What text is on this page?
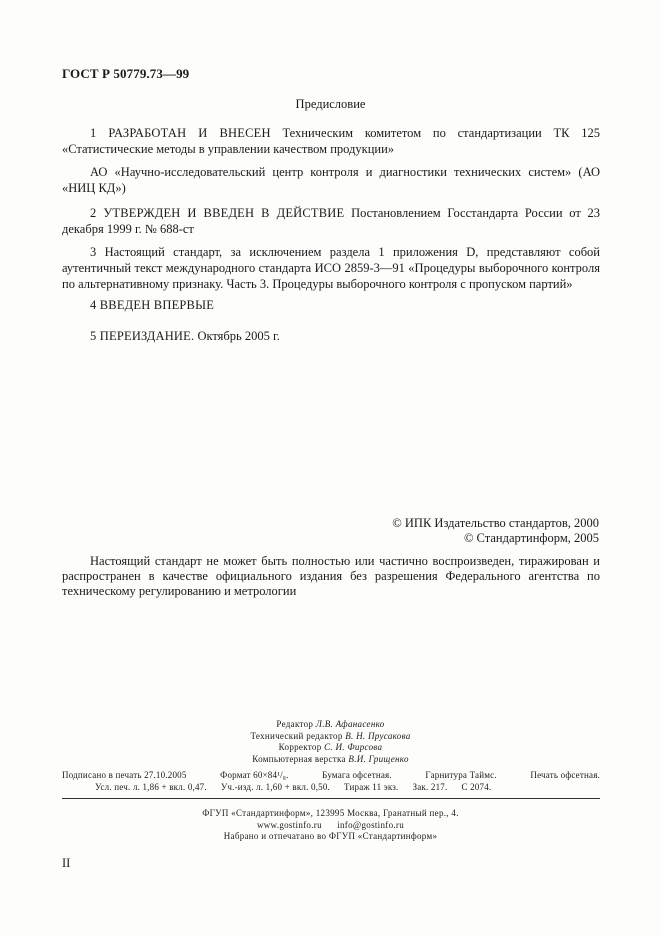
ГОСТ Р 50779.73—99
Предисловие
1 РАЗРАБОТАН И ВНЕСЕН Техническим комитетом по стандартизации ТК 125 «Статистические методы в управлении качеством продукции»
АО «Научно-исследовательский центр контроля и диагностики технических систем» (АО «НИЦ КД»)
2 УТВЕРЖДЕН И ВВЕДЕН В ДЕЙСТВИЕ Постановлением Госстандарта России от 23 декабря 1999 г. № 688-ст
3 Настоящий стандарт, за исключением раздела 1 приложения D, представляют собой аутентичный текст международного стандарта ИСО 2859-3—91 «Процедуры выборочного контроля по альтернативному признаку. Часть 3. Процедуры выборочного контроля с пропуском партий»
4 ВВЕДЕН ВПЕРВЫЕ
5 ПЕРЕИЗДАНИЕ. Октябрь 2005 г.
© ИПК Издательство стандартов, 2000
© Стандартинформ, 2005
Настоящий стандарт не может быть полностью или частично воспроизведен, тиражирован и распространен в качестве официального издания без разрешения Федерального агентства по техническому регулированию и метрологии
Редактор Л.В. Афанасенко
Технический редактор В. Н. Прусакова
Корректор С. И. Фирсова
Компьютерная верстка В.И. Грищенко
Подписано в печать 27.10.2005	Формат 60×84¹/₈.	Бумага офсетная.	Гарнитура Таймс.	Печать офсетная.
Усл. печ. л. 1,86 + вкл. 0,47. Уч.-изд. л. 1,60 + вкл. 0,50. Тираж 11 экз. Зак. 217. С 2074.
ФГУП «Стандартинформ», 123995 Москва, Гранатный пер., 4.
www.gostinfo.ru info@gostinfo.ru
Набрано и отпечатано во ФГУП «Стандартинформ»
II
